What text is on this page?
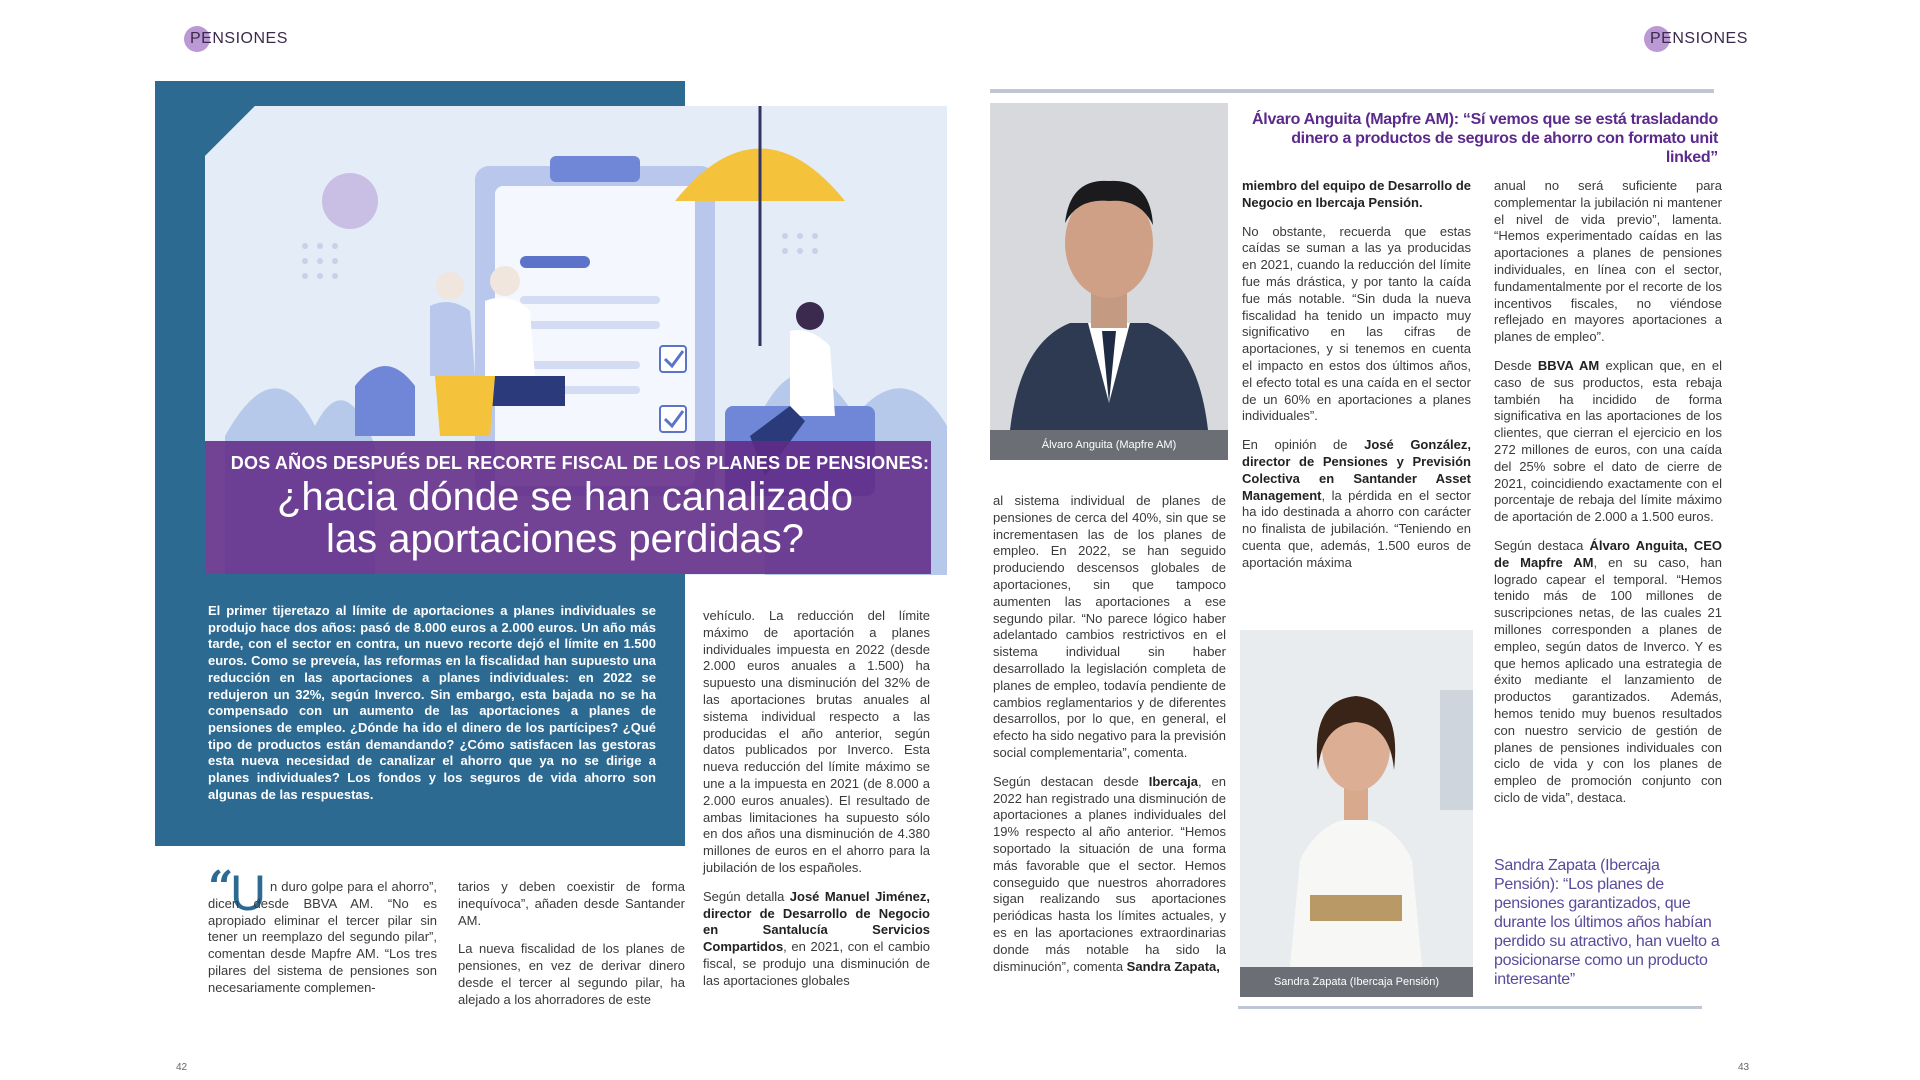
PENSIONES	PENSIONES
DOS AÑOS DESPUÉS DEL RECORTE FISCAL DE LOS PLANES DE PENSIONES:
¿hacia dónde se han canalizado
las aportaciones perdidas?
El primer tijeretazo al límite de aportaciones a planes individuales se produjo hace dos años: pasó de 8.000 euros a 2.000 euros. Un año más tarde, con el sector en contra, un nuevo recorte dejó el límite en 1.500 euros. Como se preveía, las reformas en la fiscalidad han supuesto una reducción en las aportaciones a planes individuales: en 2022 se redujeron un 32%, según Inverco. Sin embargo, esta bajada no se ha compensado con un aumento de las aportaciones a planes de pensiones de empleo. ¿Dónde ha ido el dinero de los partícipes? ¿Qué tipo de productos están demandando? ¿Cómo satisfacen las gestoras esta nueva necesidad de canalizar el ahorro que ya no se dirige a planes individuales? Los fondos y los seguros de vida ahorro son algunas de las respuestas.
“
U n duro golpe para el ahorro”, dicen desde BBVA AM. “No es apropiado eliminar el tercer pilar sin tener un reemplazo del segundo pilar”, comentan desde Mapfre AM. “Los tres pilares del sistema de pensiones son necesariamente complemen-

tarios y deben coexistir de forma inequívoca”, añaden desde Santander AM.

La nueva fiscalidad de los planes de pensiones, en vez de derivar dinero desde el tercer al segundo pilar, ha alejado a los ahorradores de este

vehículo. La reducción del límite máximo de aportación a planes individuales impuesta en 2022 (desde 2.000 euros anuales a 1.500) ha supuesto una disminución del 32% de las aportaciones brutas anuales al sistema individual respecto a las producidas el año anterior, según datos publicados por Inverco. Esta nueva reducción del límite máximo se une a la impuesta en 2021 (de 8.000 a 2.000 euros anuales). El resultado de ambas limitaciones ha supuesto sólo en dos años una disminución de 4.380 millones de euros en el ahorro para la jubilación de los españoles.

Según detalla José Manuel Jiménez, director de Desarrollo de Negocio en Santalucía Servicios Compartidos, en 2021, con el cambio fiscal, se produjo una disminución de las aportaciones globales

42
Álvaro Anguita (Mapfre AM)
Álvaro Anguita (Mapfre AM): “Sí vemos que se está trasladando dinero a productos de seguros de ahorro con formato unit linked”

al sistema individual de planes de pensiones de cerca del 40%, sin que se incrementasen las de los planes de empleo. En 2022, se han seguido produciendo descensos globales de aportaciones, sin que tampoco aumenten las aportaciones a ese segundo pilar. “No parece lógico haber adelantado cambios restrictivos en el sistema individual sin haber desarrollado la legislación completa de planes de empleo, todavía pendiente de cambios reglamentarios y de diferentes desarrollos, por lo que, en general, el efecto ha sido negativo para la previsión social complementaria”, comenta.

Según destacan desde Ibercaja, en 2022 han registrado una disminución de aportaciones a planes individuales del 19% respecto al año anterior. “Hemos soportado la situación de una forma más favorable que el sector. Hemos conseguido que nuestros ahorradores sigan realizando sus aportaciones periódicas hasta los límites actuales, y es en las aportaciones extraordinarias donde más notable ha sido la disminución”, comenta Sandra Zapata,

miembro del equipo de Desarrollo de Negocio en Ibercaja Pensión.

No obstante, recuerda que estas caídas se suman a las ya producidas en 2021, cuando la reducción del límite fue más drástica, y por tanto la caída fue más notable. “Sin duda la nueva fiscalidad ha tenido un impacto muy significativo en las cifras de aportaciones, y si tenemos en cuenta el impacto en estos dos últimos años, el efecto total es una caída en el sector de un 60% en aportaciones a planes individuales”.

En opinión de José González, director de Pensiones y Previsión Colectiva en Santander Asset Management, la pérdida en el sector ha ido destinada a ahorro con carácter no finalista de jubilación. “Teniendo en cuenta que, además, 1.500 euros de aportación máxima

Sandra Zapata (Ibercaja Pensión)

anual no será suficiente para complementar la jubilación ni mantener el nivel de vida previo”, lamenta. “Hemos experimentado caídas en las aportaciones a planes de pensiones individuales, en línea con el sector, fundamentalmente por el recorte de los incentivos fiscales, no viéndose reflejado en mayores aportaciones a planes de empleo”.

Desde BBVA AM explican que, en el caso de sus productos, esta rebaja también ha incidido de forma significativa en las aportaciones de los clientes, que cierran el ejercicio en los 272 millones de euros, con una caída del 25% sobre el dato de cierre de 2021, coincidiendo exactamente con el porcentaje de rebaja del límite máximo de aportación de 2.000 a 1.500 euros.

Según destaca Álvaro Anguita, CEO de Mapfre AM, en su caso, han logrado capear el temporal. “Hemos tenido más de 100 millones de suscripciones netas, de las cuales 21 millones corresponden a planes de empleo, según datos de Inverco. Y es que hemos aplicado una estrategia de éxito mediante el lanzamiento de productos garantizados. Además, hemos tenido muy buenos resultados con nuestro servicio de gestión de planes de pensiones individuales con ciclo de vida y con los planes de empleo de promoción conjunto con ciclo de vida”, destaca.

Sandra Zapata (Ibercaja Pensión): “Los planes de pensiones garantizados, que durante los últimos años habían perdido su atractivo, han vuelto a posicionarse como un producto interesante”
43
